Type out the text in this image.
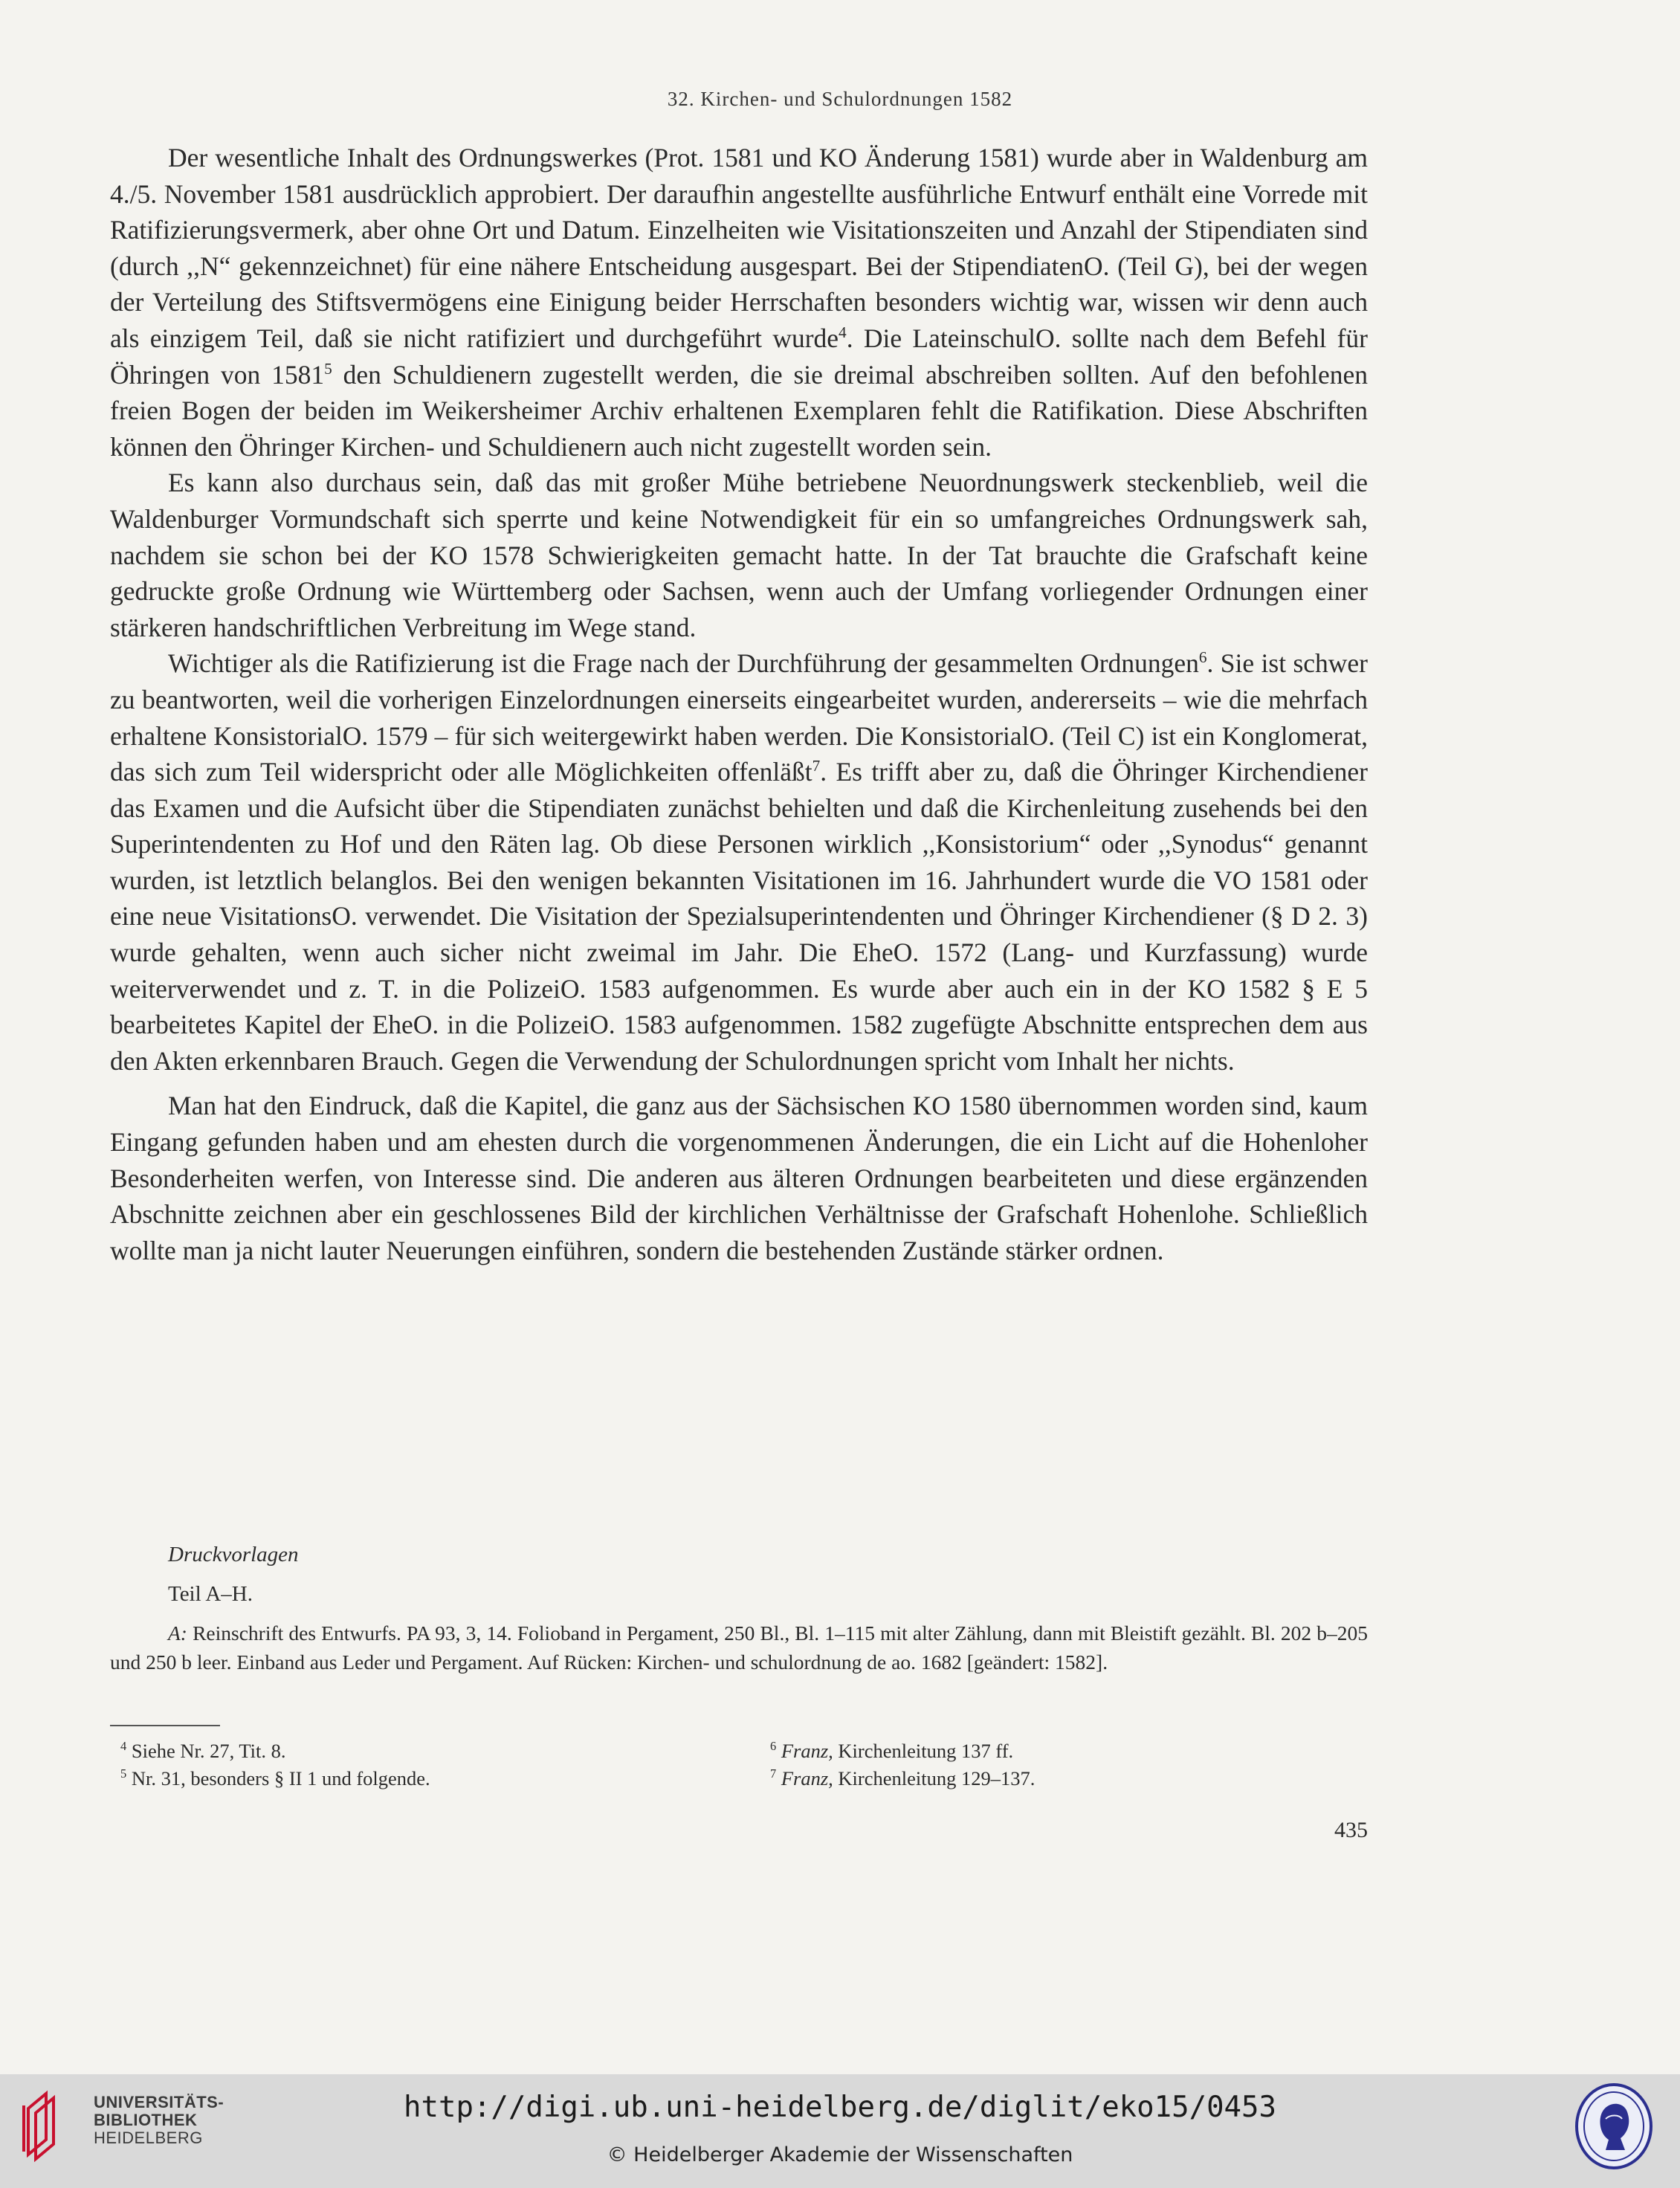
32. Kirchen- und Schulordnungen 1582

Der wesentliche Inhalt des Ordnungswerkes (Prot. 1581 und KO Änderung 1581) wurde aber in Waldenburg am 4./5. November 1581 ausdrücklich approbiert. Der daraufhin angestellte ausführliche Entwurf enthält eine Vorrede mit Ratifizierungsvermerk, aber ohne Ort und Datum. Einzelheiten wie Visitationszeiten und Anzahl der Stipendiaten sind (durch ,,N“ gekennzeichnet) für eine nähere Entscheidung ausgespart. Bei der StipendiatenO. (Teil G), bei der wegen der Verteilung des Stiftsvermögens eine Einigung beider Herrschaften besonders wichtig war, wissen wir denn auch als einzigem Teil, daß sie nicht ratifiziert und durchgeführt wurde$^4$. Die LateinschulO. sollte nach dem Befehl für Öhringen von 1581$^5$ den Schuldienern zugestellt werden, die sie dreimal abschreiben sollten. Auf den befohlenen freien Bogen der beiden im Weikersheimer Archiv erhaltenen Exemplaren fehlt die Ratifikation. Diese Abschriften können den Öhringer Kirchen- und Schuldienern auch nicht zugestellt worden sein.

Es kann also durchaus sein, daß das mit großer Mühe betriebene Neuordnungswerk steckenblieb, weil die Waldenburger Vormundschaft sich sperrte und keine Notwendigkeit für ein so umfangreiches Ordnungswerk sah, nachdem sie schon bei der KO 1578 Schwierigkeiten gemacht hatte. In der Tat brauchte die Grafschaft keine gedruckte große Ordnung wie Württemberg oder Sachsen, wenn auch der Umfang vorliegender Ordnungen einer stärkeren handschriftlichen Verbreitung im Wege stand.

Wichtiger als die Ratifizierung ist die Frage nach der Durchführung der gesammelten Ordnungen$^6$. Sie ist schwer zu beantworten, weil die vorherigen Einzelordnungen einerseits eingearbeitet wurden, andererseits – wie die mehrfach erhaltene KonsistorialO. 1579 – für sich weitergewirkt haben werden. Die KonsistorialO. (Teil C) ist ein Konglomerat, das sich zum Teil widerspricht oder alle Möglichkeiten offenläßt$^7$. Es trifft aber zu, daß die Öhringer Kirchendiener das Examen und die Aufsicht über die Stipendiaten zunächst behielten und daß die Kirchenleitung zusehends bei den Superintendenten zu Hof und den Räten lag. Ob diese Personen wirklich ,,Konsistorium“ oder ,,Synodus“ genannt wurden, ist letztlich belanglos. Bei den wenigen bekannten Visitationen im 16. Jahrhundert wurde die VO 1581 oder eine neue VisitationsO. verwendet. Die Visitation der Spezialsuperintendenten und Öhringer Kirchendiener (§ D 2. 3) wurde gehalten, wenn auch sicher nicht zweimal im Jahr. Die EheO. 1572 (Lang- und Kurzfassung) wurde weiterverwendet und z. T. in die PolizeiO. 1583 aufgenommen. Es wurde aber auch ein in der KO 1582 § E 5 bearbeitetes Kapitel der EheO. in die PolizeiO. 1583 aufgenommen. 1582 zugefügte Abschnitte entsprechen dem aus den Akten erkennbaren Brauch. Gegen die Verwendung der Schulordnungen spricht vom Inhalt her nichts.

Man hat den Eindruck, daß die Kapitel, die ganz aus der Sächsischen KO 1580 übernommen worden sind, kaum Eingang gefunden haben und am ehesten durch die vorgenommenen Änderungen, die ein Licht auf die Hohenloher Besonderheiten werfen, von Interesse sind. Die anderen aus älteren Ordnungen bearbeiteten und diese ergänzenden Abschnitte zeichnen aber ein geschlossenes Bild der kirchlichen Verhältnisse der Grafschaft Hohenlohe. Schließlich wollte man ja nicht lauter Neuerungen einführen, sondern die bestehenden Zustände stärker ordnen.

Druckvorlagen
Teil A–H.

A: Reinschrift des Entwurfs. PA 93, 3, 14. Folioband in Pergament, 250 Bl., Bl. 1–115 mit alter Zählung, dann mit Bleistift gezählt. Bl. 202 b–205 und 250 b leer. Einband aus Leder und Pergament. Auf Rücken: Kirchen- und schulordnung de ao. 1682 [geändert: 1582].

$^4$ Siehe Nr. 27, Tit. 8.
$^5$ Nr. 31, besonders § II 1 und folgende.
$^6$ Franz, Kirchenleitung 137 ff.
$^7$ Franz, Kirchenleitung 129–137.
435
UNIVERSITÄTS-
BIBLIOTHEK
HEIDELBERG
http://digi.ub.uni-heidelberg.de/diglit/eko15/0453
© Heidelberger Akademie der Wissenschaften
